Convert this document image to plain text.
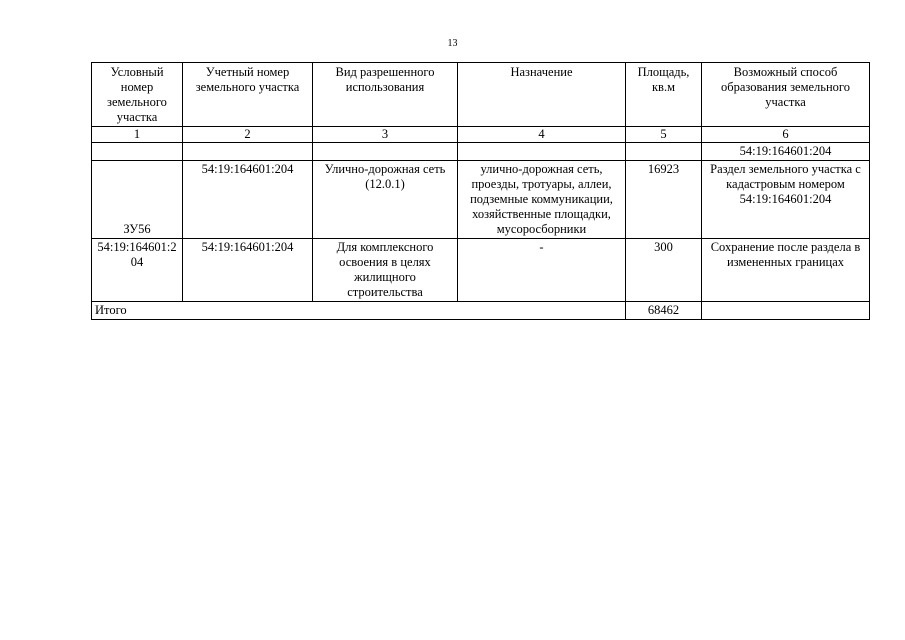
13
Условный номер земельного участка	Учетный номер земельного участка	Вид разрешенного использования	Назначение	Площадь, кв.м	Возможный способ образования земельного участка
1	2	3	4	5	6
					54:19:164601:204
ЗУ56	54:19:164601:204	Улично-дорожная сеть (12.0.1)	улично-дорожная сеть, проезды, тротуары, аллеи, подземные коммуникации, хозяйственные площадки, мусоросборники	16923	Раздел земельного участка с кадастровым номером 54:19:164601:204
54:19:164601:204	54:19:164601:204	Для комплексного освоения в целях жилищного строительства	-	300	Сохранение после раздела в измененных границах
Итого				68462	
